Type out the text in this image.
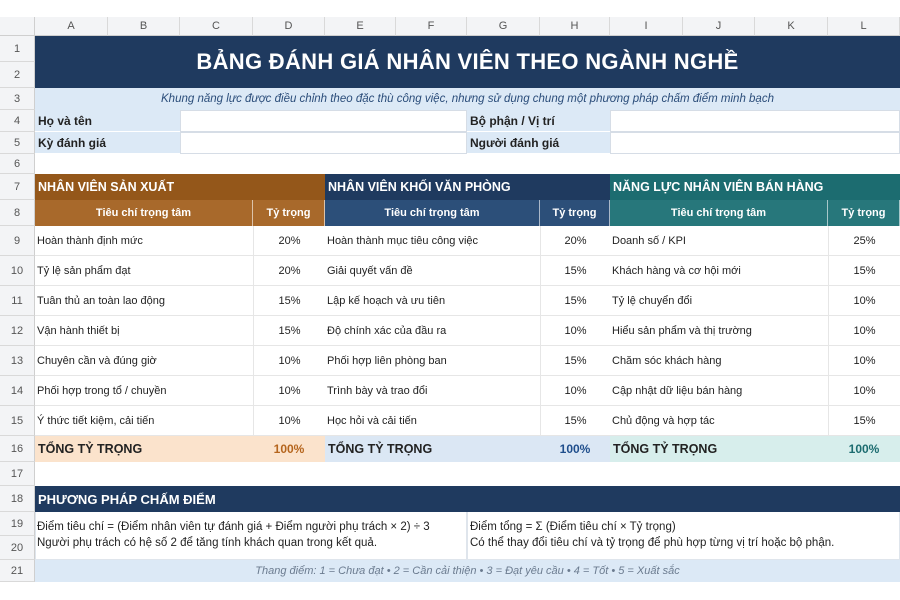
A	B	C	D	E	F	G	H	I	J	K	L
1
2
3
4
5
6
7
8
9
10
11
12
13
14
15
16
17
18
19
20
21
BẢNG ĐÁNH GIÁ NHÂN VIÊN THEO NGÀNH NGHỀ
Khung năng lực được điều chỉnh theo đặc thù công việc, nhưng sử dụng chung một phương pháp chấm điểm minh bạch
Họ và tên	Bộ phận / Vị trí
Kỳ đánh giá	Người đánh giá
NHÂN VIÊN SẢN XUẤT
Tiêu chí trọng tâm	Tỷ trọng
Hoàn thành định mức	20%
Tỷ lệ sản phẩm đạt	20%
Tuân thủ an toàn lao động	15%
Vận hành thiết bị	15%
Chuyên cần và đúng giờ	10%
Phối hợp trong tổ / chuyền	10%
Ý thức tiết kiệm, cải tiến	10%
TỔNG TỶ TRỌNG	100%
NHÂN VIÊN KHỐI VĂN PHÒNG
Tiêu chí trọng tâm	Tỷ trọng
Hoàn thành mục tiêu công việc	20%
Giải quyết vấn đề	15%
Lập kế hoạch và ưu tiên	15%
Độ chính xác của đầu ra	10%
Phối hợp liên phòng ban	15%
Trình bày và trao đổi	10%
Học hỏi và cải tiến	15%
TỔNG TỶ TRỌNG	100%
NĂNG LỰC NHÂN VIÊN BÁN HÀNG
Tiêu chí trọng tâm	Tỷ trọng
Doanh số / KPI	25%
Khách hàng và cơ hội mới	15%
Tỷ lệ chuyển đổi	10%
Hiểu sản phẩm và thị trường	10%
Chăm sóc khách hàng	10%
Cập nhật dữ liệu bán hàng	10%
Chủ động và hợp tác	15%
TỔNG TỶ TRỌNG	100%
PHƯƠNG PHÁP CHẤM ĐIỂM
Điểm tiêu chí = (Điểm nhân viên tự đánh giá + Điểm người phụ trách × 2) ÷ 3
Người phụ trách có hệ số 2 để tăng tính khách quan trong kết quả.
Điểm tổng = Σ (Điểm tiêu chí × Tỷ trọng)
Có thể thay đổi tiêu chí và tỷ trọng để phù hợp từng vị trí hoặc bộ phận.
Thang điểm: 1 = Chưa đạt • 2 = Cần cải thiện • 3 = Đạt yêu cầu • 4 = Tốt • 5 = Xuất sắc
